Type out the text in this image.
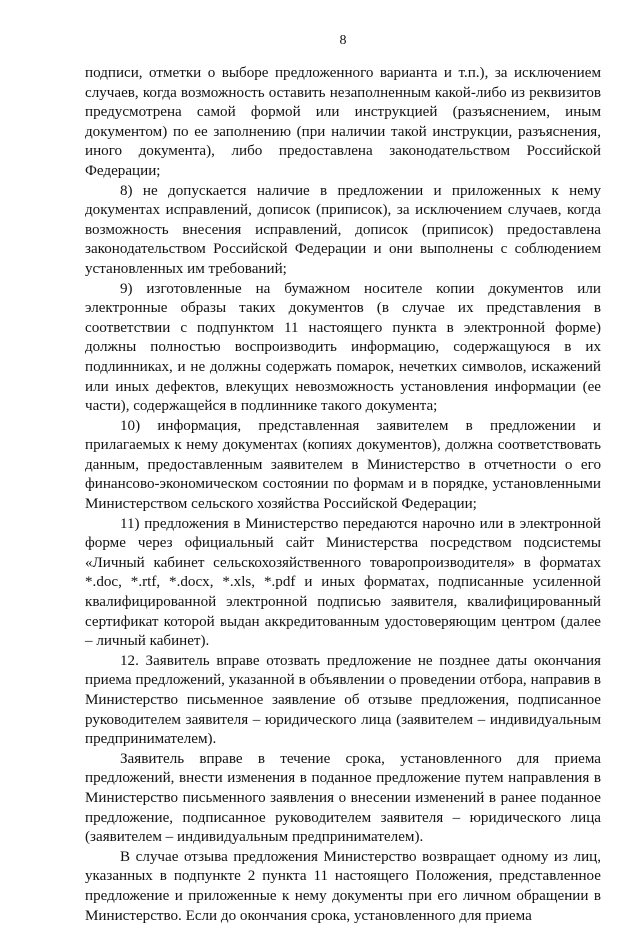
8

подписи, отметки о выборе предложенного варианта и т.п.), за исключением случаев, когда возможность оставить незаполненным какой-либо из реквизитов предусмотрена самой формой или инструкцией (разъяснением, иным документом) по ее заполнению (при наличии такой инструкции, разъяснения, иного документа), либо предоставлена законодательством Российской Федерации;

8) не допускается наличие в предложении и приложенных к нему документах исправлений, дописок (приписок), за исключением случаев, когда возможность внесения исправлений, дописок (приписок) предоставлена законодательством Российской Федерации и они выполнены с соблюдением установленных им требований;

9) изготовленные на бумажном носителе копии документов или электронные образы таких документов (в случае их представления в соответствии с подпунктом 11 настоящего пункта в электронной форме) должны полностью воспроизводить информацию, содержащуюся в их подлинниках, и не должны содержать помарок, нечетких символов, искажений или иных дефектов, влекущих невозможность установления информации (ее части), содержащейся в подлиннике такого документа;

10) информация, представленная заявителем в предложении и прилагаемых к нему документах (копиях документов), должна соответствовать данным, предоставленным заявителем в Министерство в отчетности о его финансово-экономическом состоянии по формам и в порядке, установленными Министерством сельского хозяйства Российской Федерации;

11) предложения в Министерство передаются нарочно или в электронной форме через официальный сайт Министерства посредством подсистемы «Личный кабинет сельскохозяйственного товаропроизводителя» в форматах *.doc, *.rtf, *.docx, *.xls, *.pdf и иных форматах, подписанные усиленной квалифицированной электронной подписью заявителя, квалифицированный сертификат которой выдан аккредитованным удостоверяющим центром (далее – личный кабинет).

12. Заявитель вправе отозвать предложение не позднее даты окончания приема предложений, указанной в объявлении о проведении отбора, направив в Министерство письменное заявление об отзыве предложения, подписанное руководителем заявителя – юридического лица (заявителем – индивидуальным предпринимателем).

Заявитель вправе в течение срока, установленного для приема предложений, внести изменения в поданное предложение путем направления в Министерство письменного заявления о внесении изменений в ранее поданное предложение, подписанное руководителем заявителя – юридического лица (заявителем – индивидуальным предпринимателем).

В случае отзыва предложения Министерство возвращает одному из лиц, указанных в подпункте 2 пункта 11 настоящего Положения, представленное предложение и приложенные к нему документы при его личном обращении в Министерство. Если до окончания срока, установленного для приема
